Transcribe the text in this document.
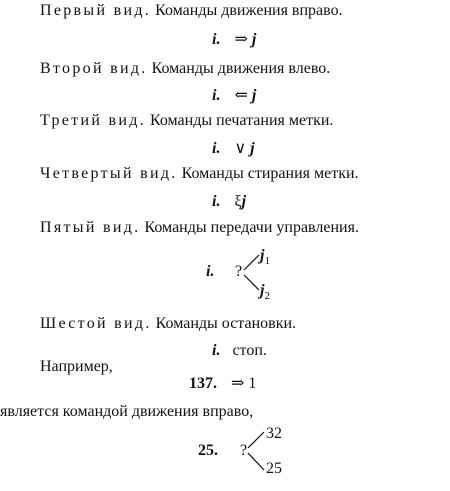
Первый вид. Команды движения вправо.
i. ⇒ j
Второй вид. Команды движения влево.
i. ⇐ j
Третий вид. Команды печатания метки.
i. ∨ j
Четвертый вид. Команды стирания метки.
i. ξj
Пятый вид. Команды передачи управления.
i. ?
$j_1$
$j_2$
Шестой вид. Команды остановки.
i. стоп.
Например,
137. ⇒ 1
является командой движения вправо,
25. ?
32
25
